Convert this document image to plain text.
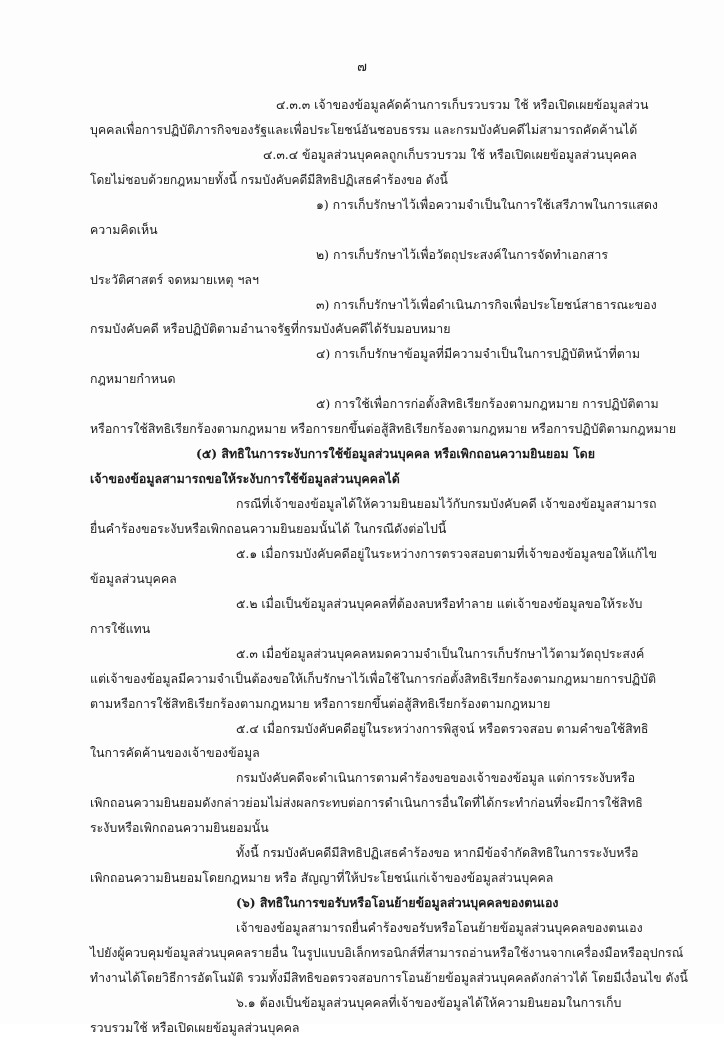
๗
๔.๓.๓ เจ้าของข้อมูลคัดค้านการเก็บรวบรวม ใช้ หรือเปิดเผยข้อมูลส่วน
บุคคลเพื่อการปฏิบัติภารกิจของรัฐและเพื่อประโยชน์อันชอบธรรม และกรมบังคับคดีไม่สามารถคัดค้านได้
๔.๓.๔ ข้อมูลส่วนบุคคลถูกเก็บรวบรวม ใช้ หรือเปิดเผยข้อมูลส่วนบุคคล
โดยไม่ชอบด้วยกฎหมายทั้งนี้ กรมบังคับคดีมีสิทธิปฏิเสธคำร้องขอ ดังนี้
๑) การเก็บรักษาไว้เพื่อความจำเป็นในการใช้เสรีภาพในการแสดง
ความคิดเห็น
๒) การเก็บรักษาไว้เพื่อวัตถุประสงค์ในการจัดทำเอกสาร
ประวัติศาสตร์ จดหมายเหตุ ฯลฯ
๓) การเก็บรักษาไว้เพื่อดำเนินภารกิจเพื่อประโยชน์สาธารณะของ
กรมบังคับคดี หรือปฏิบัติตามอำนาจรัฐที่กรมบังคับคดีได้รับมอบหมาย
๔) การเก็บรักษาข้อมูลที่มีความจำเป็นในการปฏิบัติหน้าที่ตาม
กฎหมายกำหนด
๕) การใช้เพื่อการก่อตั้งสิทธิเรียกร้องตามกฎหมาย การปฏิบัติตาม
หรือการใช้สิทธิเรียกร้องตามกฎหมาย หรือการยกขึ้นต่อสู้สิทธิเรียกร้องตามกฎหมาย หรือการปฏิบัติตามกฎหมาย
(๕) สิทธิในการระงับการใช้ข้อมูลส่วนบุคคล หรือเพิกถอนความยินยอม โดย
เจ้าของข้อมูลสามารถขอให้ระงับการใช้ข้อมูลส่วนบุคคลได้
กรณีที่เจ้าของข้อมูลได้ให้ความยินยอมไว้กับกรมบังคับคดี เจ้าของข้อมูลสามารถ
ยื่นคำร้องขอระงับหรือเพิกถอนความยินยอมนั้นได้ ในกรณีดังต่อไปนี้
๕.๑ เมื่อกรมบังคับคดีอยู่ในระหว่างการตรวจสอบตามที่เจ้าของข้อมูลขอให้แก้ไข
ข้อมูลส่วนบุคคล
๕.๒ เมื่อเป็นข้อมูลส่วนบุคคลที่ต้องลบหรือทำลาย แต่เจ้าของข้อมูลขอให้ระงับ
การใช้แทน
๕.๓ เมื่อข้อมูลส่วนบุคคลหมดความจำเป็นในการเก็บรักษาไว้ตามวัตถุประสงค์
แต่เจ้าของข้อมูลมีความจำเป็นต้องขอให้เก็บรักษาไว้เพื่อใช้ในการก่อตั้งสิทธิเรียกร้องตามกฎหมายการปฏิบัติ
ตามหรือการใช้สิทธิเรียกร้องตามกฎหมาย หรือการยกขึ้นต่อสู้สิทธิเรียกร้องตามกฎหมาย
๕.๔ เมื่อกรมบังคับคดีอยู่ในระหว่างการพิสูจน์ หรือตรวจสอบ ตามคำขอใช้สิทธิ
ในการคัดค้านของเจ้าของข้อมูล
กรมบังคับคดีจะดำเนินการตามคำร้องขอของเจ้าของข้อมูล แต่การระงับหรือ
เพิกถอนความยินยอมดังกล่าวย่อมไม่ส่งผลกระทบต่อการดำเนินการอื่นใดที่ได้กระทำก่อนที่จะมีการใช้สิทธิ
ระงับหรือเพิกถอนความยินยอมนั้น
ทั้งนี้ กรมบังคับคดีมีสิทธิปฏิเสธคำร้องขอ หากมีข้อจำกัดสิทธิในการระงับหรือ
เพิกถอนความยินยอมโดยกฎหมาย หรือ สัญญาที่ให้ประโยชน์แก่เจ้าของข้อมูลส่วนบุคคล
(๖) สิทธิในการขอรับหรือโอนย้ายข้อมูลส่วนบุคคลของตนเอง
เจ้าของข้อมูลสามารถยื่นคำร้องขอรับหรือโอนย้ายข้อมูลส่วนบุคคลของตนเอง
ไปยังผู้ควบคุมข้อมูลส่วนบุคคลรายอื่น ในรูปแบบอิเล็กทรอนิกส์ที่สามารถอ่านหรือใช้งานจากเครื่องมือหรืออุปกรณ์
ทำงานได้โดยวิธีการอัตโนมัติ รวมทั้งมีสิทธิขอตรวจสอบการโอนย้ายข้อมูลส่วนบุคคลดังกล่าวได้ โดยมีเงื่อนไข ดังนี้
๖.๑ ต้องเป็นข้อมูลส่วนบุคคลที่เจ้าของข้อมูลได้ให้ความยินยอมในการเก็บ
รวบรวมใช้ หรือเปิดเผยข้อมูลส่วนบุคคล
